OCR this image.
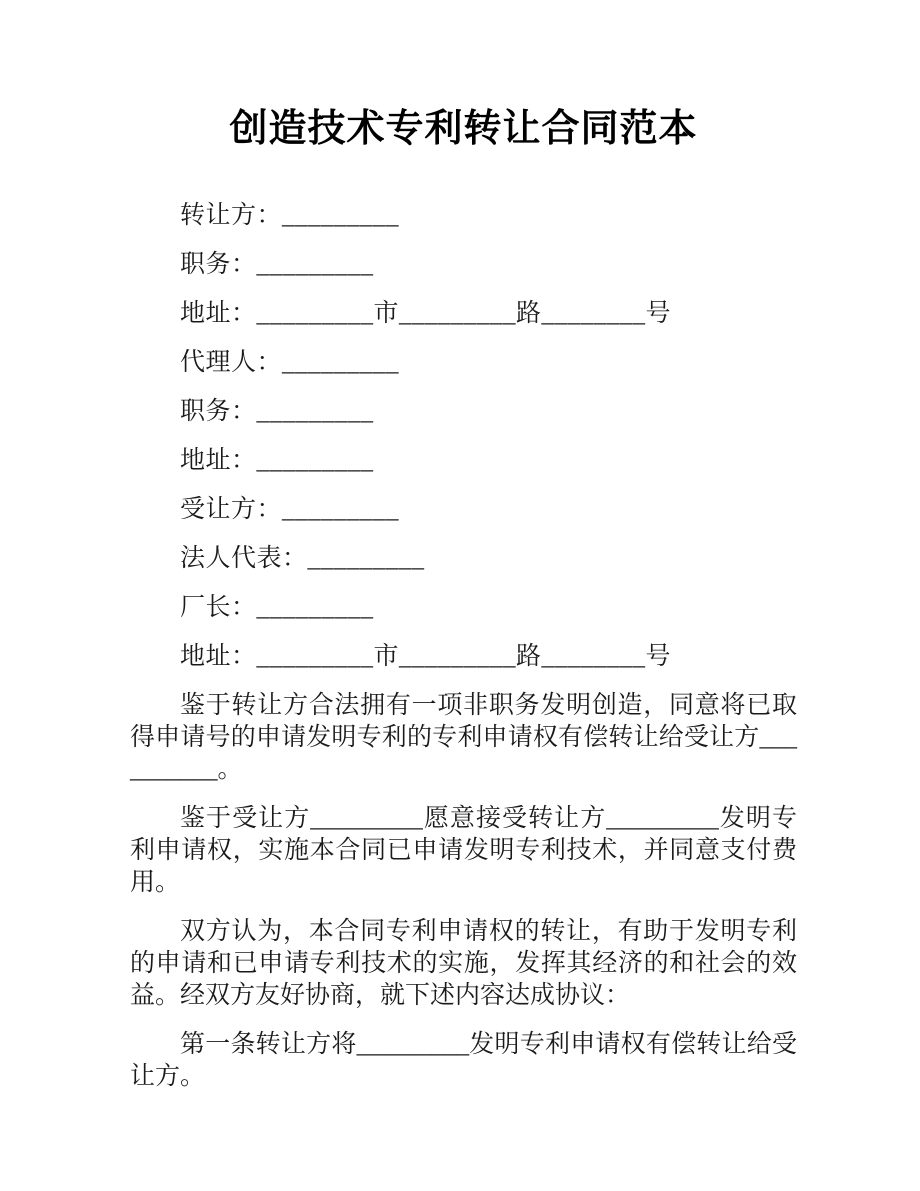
创造技术专利转让合同范本
转让方：_________
职务：_________
地址：_________市_________路________号
代理人：_________
职务：_________
地址：_________
受让方：_________
法人代表：_________
厂长：_________
地址：_________市_________路________号

鉴于转让方合法拥有一项非职务发明创造，同意将已取得申请号的申请发明专利的专利申请权有偿转让给受让方__________。

鉴于受让方_________愿意接受转让方_________发明专利申请权，实施本合同已申请发明专利技术，并同意支付费用。

双方认为，本合同专利申请权的转让，有助于发明专利的申请和已申请专利技术的实施，发挥其经济的和社会的效益。经双方友好协商，就下述内容达成协议：

第一条转让方将_________发明专利申请权有偿转让给受让方。
